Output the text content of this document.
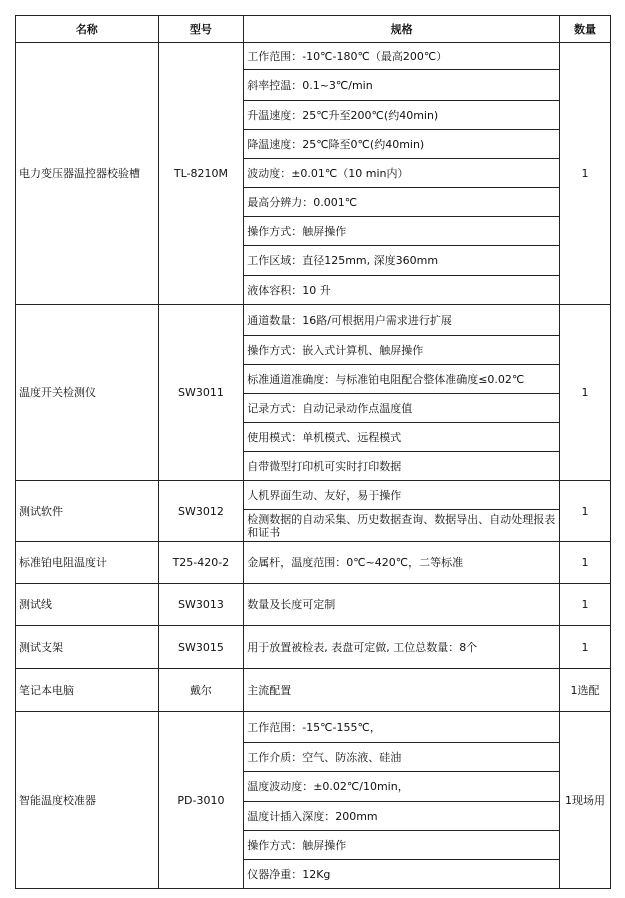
名称	型号	规格	数量
电力变压器温控器校验槽	TL-8210M	工作范围：-10℃-180℃（最高200℃）	1
		斜率控温：0.1~3℃/min	
		升温速度：25℃升至200℃(约40min)	
		降温速度：25℃降至0℃(约40min)	
		波动度：±0.01℃（10 min内）	
		最高分辨力：0.001℃	
		操作方式：触屏操作	
		工作区域：直径125mm, 深度360mm	
		液体容积：10 升	
温度开关检测仪	SW3011	通道数量：16路/可根据用户需求进行扩展	1
		操作方式：嵌入式计算机、触屏操作	
		标准通道准确度：与标准铂电阻配合整体准确度≤0.02℃	
		记录方式：自动记录动作点温度值	
		使用模式：单机模式、远程模式	
		自带微型打印机可实时打印数据	
测试软件	SW3012	人机界面生动、友好，易于操作	1
		检测数据的自动采集、历史数据查询、数据导出、自动处理报表和证书	
标准铂电阻温度计	T25-420-2	金属杆，温度范围：0℃~420℃，二等标准	1
测试线	SW3013	数量及长度可定制	1
测试支架	SW3015	用于放置被检表, 表盘可定做, 工位总数量：8个	1
笔记本电脑	戴尔	主流配置	1选配
智能温度校准器	PD-3010	工作范围：-15℃-155℃，	1现场用
		工作介质：空气、防冻液、硅油	
		温度波动度：±0.02℃/10min，	
		温度计插入深度：200mm	
		操作方式：触屏操作	
		仪器净重：12Kg	
